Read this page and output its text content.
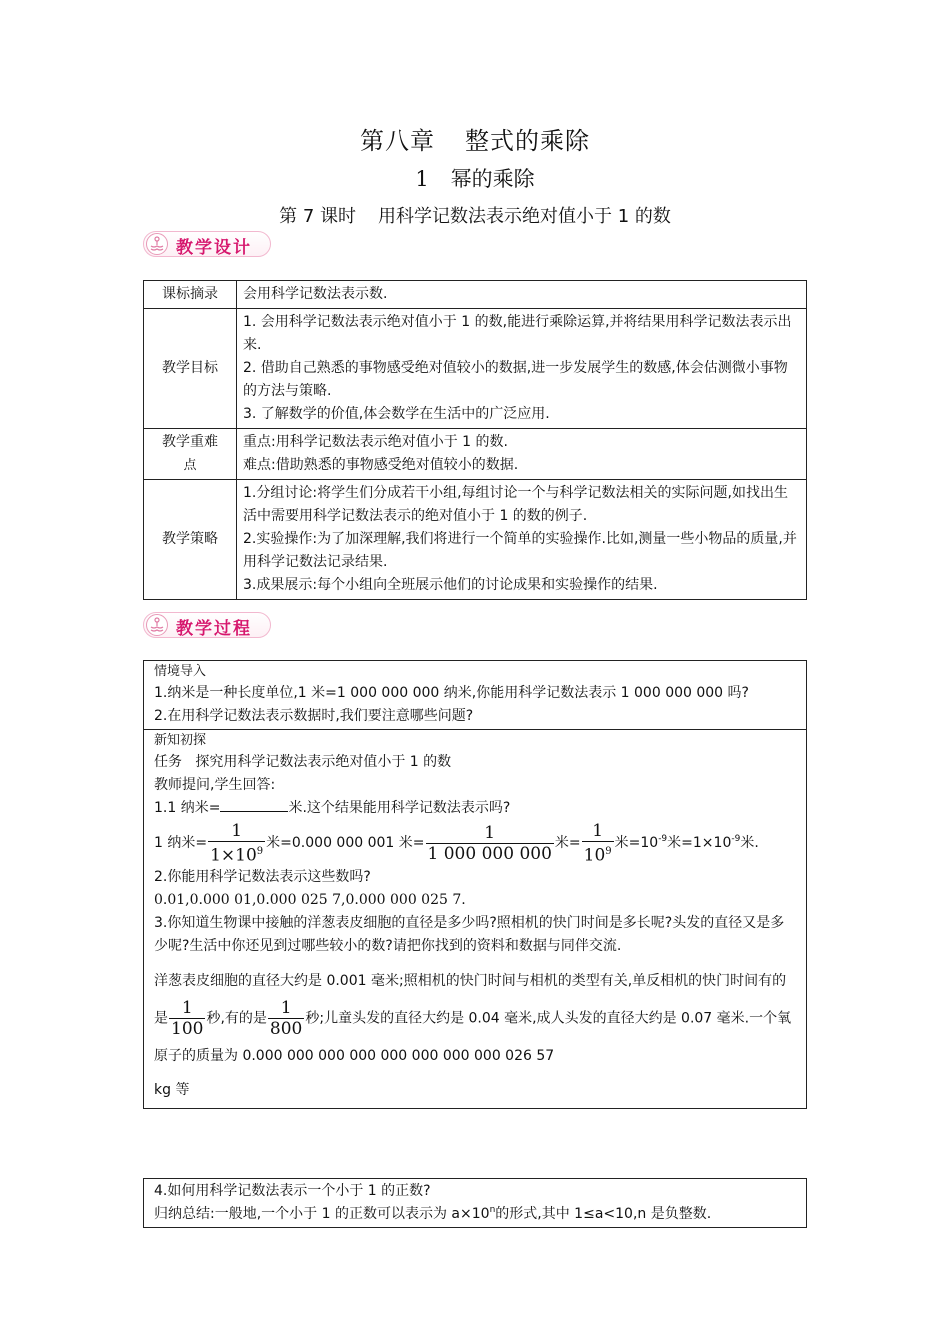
第八章 整式的乘除
1 幂的乘除
第 7 课时 用科学记数法表示绝对值小于 1 的数
教学设计
课标摘录	会用科学记数法表示数.

教学目标	1. 会用科学记数法表示绝对值小于 1 的数,能进行乘除运算,并将结果用科学记数法表示出来.
2. 借助自己熟悉的事物感受绝对值较小的数据,进一步发展学生的数感,体会估测微小事物的方法与策略.
3. 了解数学的价值,体会数学在生活中的广泛应用.

教学重难
点

重点:用科学记数法表示绝对值小于 1 的数.
难点:借助熟悉的事物感受绝对值较小的数据.

教学策略	1.分组讨论:将学生们分成若干小组,每组讨论一个与科学记数法相关的实际问题,如找出生活中需要用科学记数法表示的绝对值小于 1 的数的例子.
2.实验操作:为了加深理解,我们将进行一个简单的实验操作.比如,测量一些小物品的质量,并用科学记数法记录结果.
3.成果展示:每个小组向全班展示他们的讨论成果和实验操作的结果.
教学过程
情境导入
1.纳米是一种长度单位,1 米=1 000 000 000 纳米,你能用科学记数法表示 1 000 000 000 吗?
2.在用科学记数法表示数据时,我们要注意哪些问题?
新知初探
任务 探究用科学记数法表示绝对值小于 1 的数
教师提问,学生回答:
1.1 纳米=	米.这个结果能用科学记数法表示吗?
1 纳米= $\frac{1}{1\times 10^9}$ 米=0.000 000 001 米= $\frac{1}{1 000 000 000}$ 米= $\frac{1}{10^9}$ 米$=10^{-9}$米$=1\times 10^{-9}$米.
2.你能用科学记数法表示这些数吗?
0.01,0.000 01,0.000 025 7,0.000 000 025 7.
3.你知道生物课中接触的洋葱表皮细胞的直径是多少吗?照相机的快门时间是多长呢?头发的直径又是多少呢?生活中你还见到过哪些较小的数?请把你找到的资料和数据与同伴交流.
洋葱表皮细胞的直径大约是 0.001 毫米;照相机的快门时间与相机的类型有关,单反相机的快门时间有的是 $\frac{1}{100}$ 秒,有的是 $\frac{1}{800}$ 秒;儿童头发的直径大约是 0.04 毫米,成人头发的直径大约是 0.07 毫米.一个氧原子的质量为 0.000 000 000 000 000 000 000 000 026 57
kg 等
4.如何用科学记数法表示一个小于 1 的正数?
归纳总结:一般地,一个小于 1 的正数可以表示为 $a\times 10^n$的形式,其中 1≤a<10,n 是负整数.
